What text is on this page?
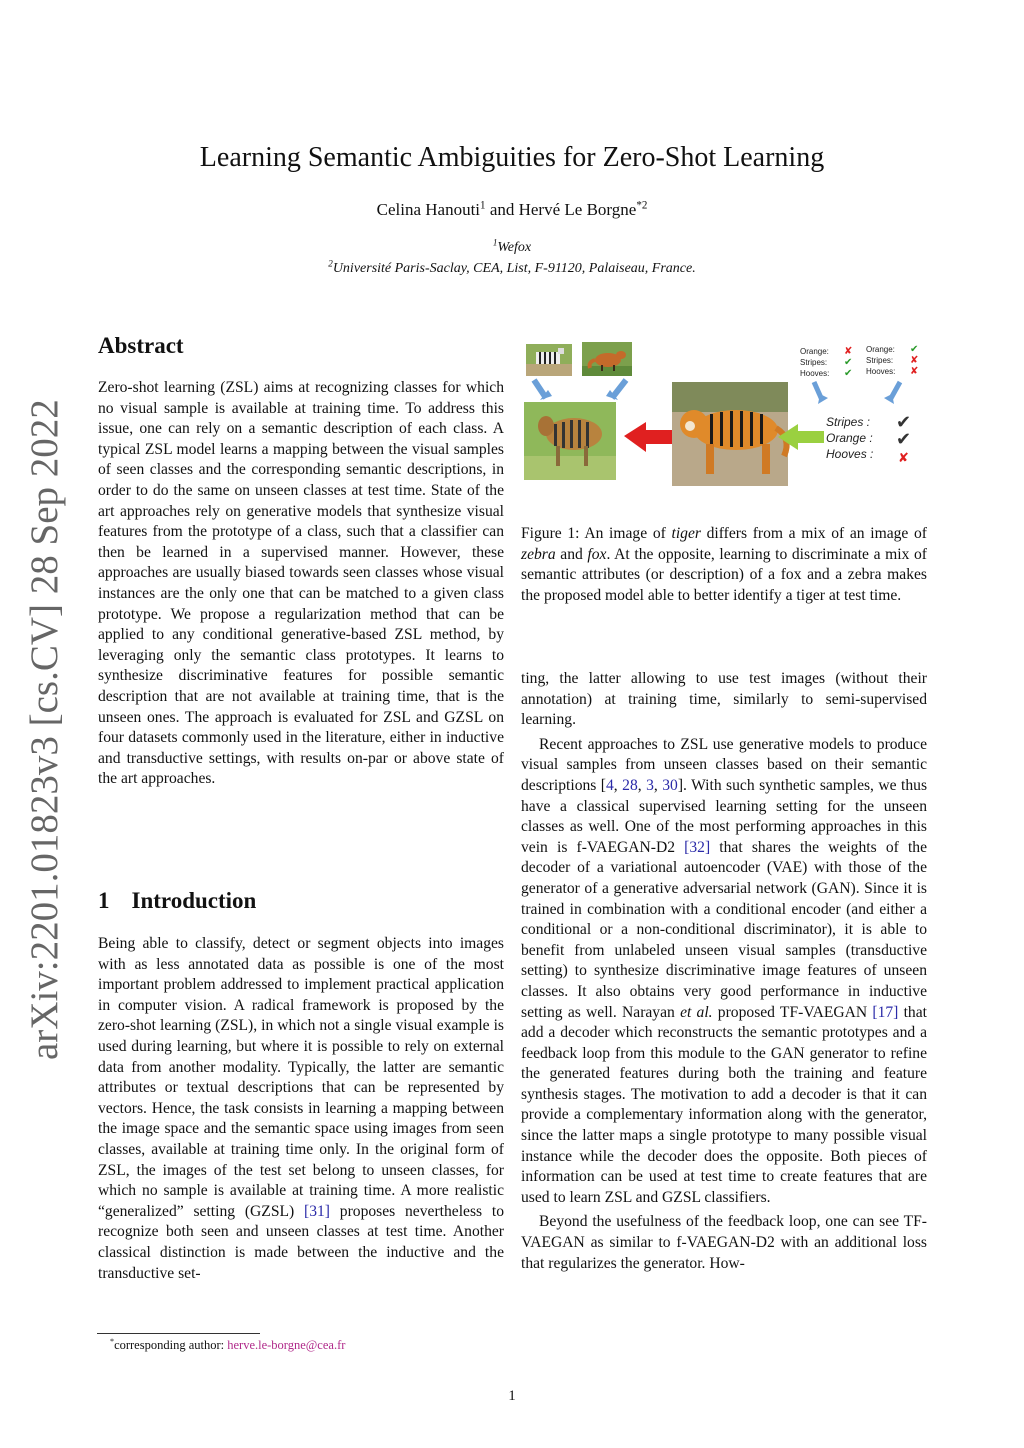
Learning Semantic Ambiguities for Zero-Shot Learning
Celina Hanouti$^1$ and Hervé Le Borgne$^{*2}$
$^1$Wefox
$^2$Université Paris-Saclay, CEA, List, F-91120, Palaiseau, France.
arXiv:2201.01823v3 [cs.CV] 28 Sep 2022
Abstract

Zero-shot learning (ZSL) aims at recognizing classes for which no visual sample is available at training time. To address this issue, one can rely on a semantic description of each class. A typical ZSL model learns a mapping between the visual samples of seen classes and the corresponding semantic descriptions, in order to do the same on unseen classes at test time. State of the art approaches rely on generative models that synthesize visual features from the prototype of a class, such that a classifier can then be learned in a supervised manner. However, these approaches are usually biased towards seen classes whose visual instances are the only one that can be matched to a given class prototype. We propose a regularization method that can be applied to any conditional generative-based ZSL method, by leveraging only the semantic class prototypes. It learns to synthesize discriminative features for possible semantic description that are not available at training time, that is the unseen ones. The approach is evaluated for ZSL and GZSL on four datasets commonly used in the literature, either in inductive and transductive settings, with results on-par or above state of the art approaches.

1 Introduction

Being able to classify, detect or segment objects into images with as less annotated data as possible is one of the most important problem addressed to implement practical application in computer vision. A radical framework is proposed by the zero-shot learning (ZSL), in which not a single visual example is used during learning, but where it is possible to rely on external data from another modality. Typically, the latter are semantic attributes or textual descriptions that can be represented by vectors. Hence, the task consists in learning a mapping between the image space and the semantic space using images from seen classes, available at training time only. In the original form of ZSL, the images of the test set belong to unseen classes, for which no sample is available at training time. A more realistic “generalized” setting (GZSL) [31] proposes nevertheless to recognize both seen and unseen classes at test time. Another classical distinction is made between the inductive and the transductive set-

*corresponding author: herve.le-borgne@cea.fr
Orange:
Stripes:
Hooves:
✘
✔
✔
Orange:
Stripes:
Hooves:
✔
✘
✘
Stripes :
Orange :
Hooves :
✔
✔
✘
Figure 1: An image of tiger differs from a mix of an image of zebra and fox. At the opposite, learning to discriminate a mix of semantic attributes (or description) of a fox and a zebra makes the proposed model able to better identify a tiger at test time.

ting, the latter allowing to use test images (without their annotation) at training time, similarly to semi-supervised learning.

Recent approaches to ZSL use generative models to produce visual samples from unseen classes based on their semantic descriptions [4, 28, 3, 30]. With such synthetic samples, we thus have a classical supervised learning setting for the unseen classes as well. One of the most performing approaches in this vein is f-VAEGAN-D2 [32] that shares the weights of the decoder of a variational autoencoder (VAE) with those of the generator of a generative adversarial network (GAN). Since it is trained in combination with a conditional encoder (and either a conditional or a non-conditional discriminator), it is able to benefit from unlabeled unseen visual samples (transductive setting) to synthesize discriminative image features of unseen classes. It also obtains very good performance in inductive setting as well. Narayan et al. proposed TF-VAEGAN [17] that add a decoder which reconstructs the semantic prototypes and a feedback loop from this module to the GAN generator to refine the generated features during both the training and feature synthesis stages. The motivation to add a decoder is that it can provide a complementary information along with the generator, since the latter maps a single prototype to many possible visual instance while the decoder does the opposite. Both pieces of information can be used at test time to create features that are used to learn ZSL and GZSL classifiers.

Beyond the usefulness of the feedback loop, one can see TF-VAEGAN as similar to f-VAEGAN-D2 with an additional loss that regularizes the generator. How-

1
